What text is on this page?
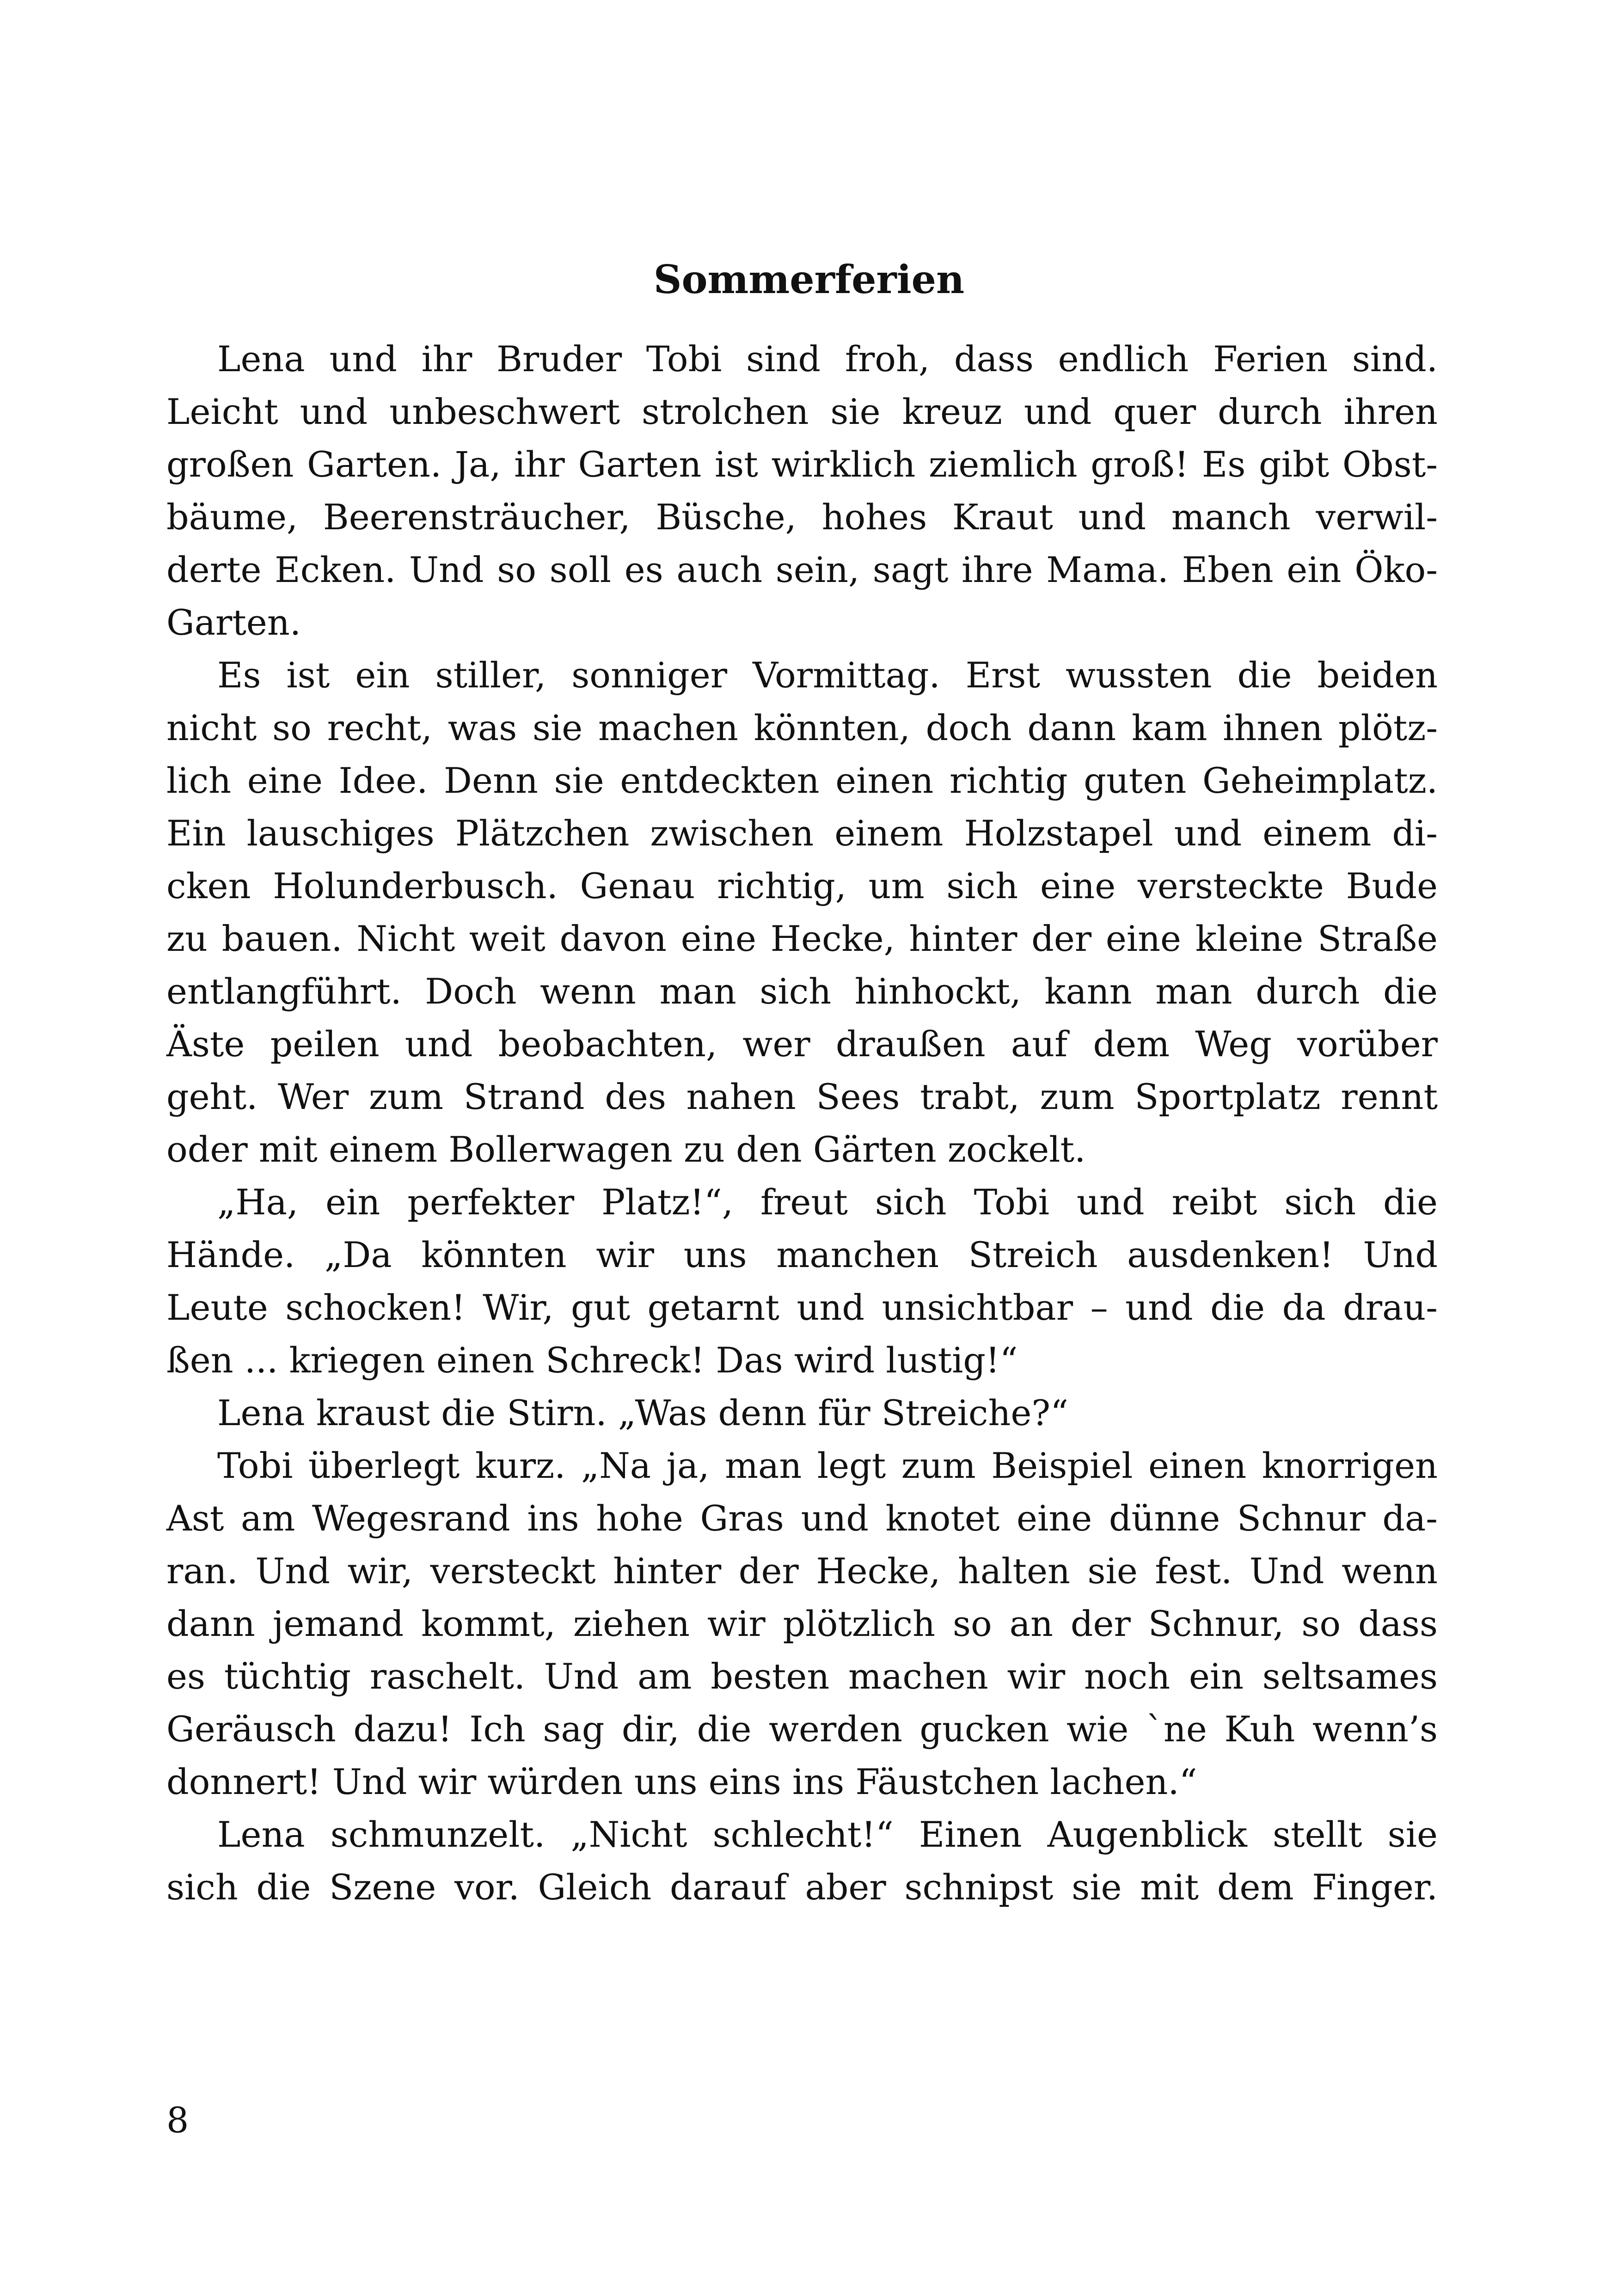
Sommerferien
Lena und ihr Bruder Tobi sind froh, dass endlich Ferien sind.
Leicht und unbeschwert strolchen sie kreuz und quer durch ihren
großen Garten. Ja, ihr Garten ist wirklich ziemlich groß! Es gibt Obst-
bäume, Beerensträucher, Büsche, hohes Kraut und manch verwil-
derte Ecken. Und so soll es auch sein, sagt ihre Mama. Eben ein Öko-
Garten.
Es ist ein stiller, sonniger Vormittag. Erst wussten die beiden
nicht so recht, was sie machen könnten, doch dann kam ihnen plötz-
lich eine Idee. Denn sie entdeckten einen richtig guten Geheimplatz.
Ein lauschiges Plätzchen zwischen einem Holzstapel und einem di-
cken Holunderbusch. Genau richtig, um sich eine versteckte Bude
zu bauen. Nicht weit davon eine Hecke, hinter der eine kleine Straße
entlangführt. Doch wenn man sich hinhockt, kann man durch die
Äste peilen und beobachten, wer draußen auf dem Weg vorüber
geht. Wer zum Strand des nahen Sees trabt, zum Sportplatz rennt
oder mit einem Bollerwagen zu den Gärten zockelt.
„Ha, ein perfekter Platz!“, freut sich Tobi und reibt sich die
Hände. „Da könnten wir uns manchen Streich ausdenken! Und
Leute schocken! Wir, gut getarnt und unsichtbar – und die da drau-
ßen ... kriegen einen Schreck! Das wird lustig!“
Lena kraust die Stirn. „Was denn für Streiche?“
Tobi überlegt kurz. „Na ja, man legt zum Beispiel einen knorrigen
Ast am Wegesrand ins hohe Gras und knotet eine dünne Schnur da-
ran. Und wir, versteckt hinter der Hecke, halten sie fest. Und wenn
dann jemand kommt, ziehen wir plötzlich so an der Schnur, so dass
es tüchtig raschelt. Und am besten machen wir noch ein seltsames
Geräusch dazu! Ich sag dir, die werden gucken wie `ne Kuh wenn’s
donnert! Und wir würden uns eins ins Fäustchen lachen.“
Lena schmunzelt. „Nicht schlecht!“ Einen Augenblick stellt sie
sich die Szene vor. Gleich darauf aber schnipst sie mit dem Finger.
8
